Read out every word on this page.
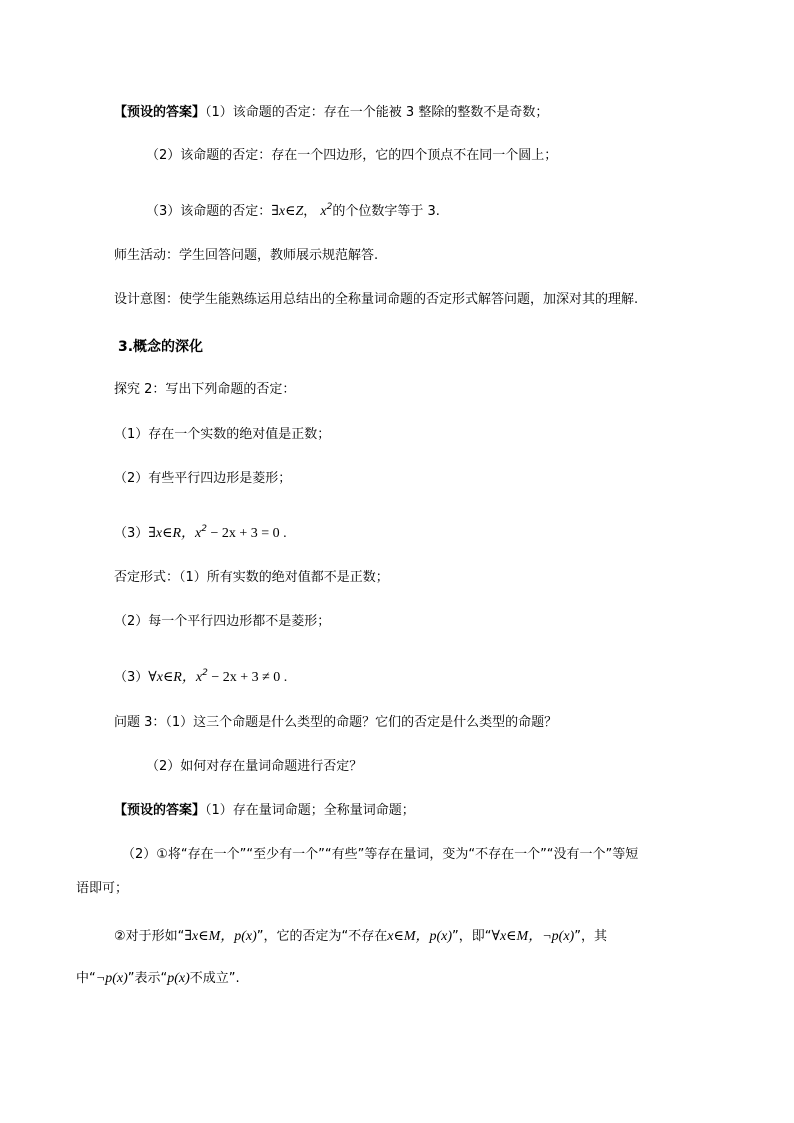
【预设的答案】（1）该命题的否定：存在一个能被 3 整除的整数不是奇数；
（2）该命题的否定：存在一个四边形，它的四个顶点不在同一个圆上；
（3）该命题的否定：∃x∈Z， $x^2$的个位数字等于 3.
师生活动：学生回答问题，教师展示规范解答.
设计意图：使学生能熟练运用总结出的全称量词命题的否定形式解答问题，加深对其的理解.
3.概念的深化
探究 2：写出下列命题的否定：
（1）存在一个实数的绝对值是正数；
（2）有些平行四边形是菱形；
（3）∃x∈R，$x^2 - 2x + 3 = 0$ .
否定形式：（1）所有实数的绝对值都不是正数；
（2）每一个平行四边形都不是菱形；
（3）∀x∈R，$x^2 - 2x + 3 \ne 0$ .
问题 3：（1）这三个命题是什么类型的命题？它们的否定是什么类型的命题？
（2）如何对存在量词命题进行否定？
【预设的答案】（1）存在量词命题；全称量词命题；
（2）①将“存在一个”“至少有一个”“有些”等存在量词，变为“不存在一个”“没有一个”等短
语即可；
②对于形如“∃x∈M，p(x)”，它的否定为“不存在x∈M，p(x)”，即“∀x∈M，¬p(x)”，其
中“¬p(x)”表示“p(x)不成立”.
